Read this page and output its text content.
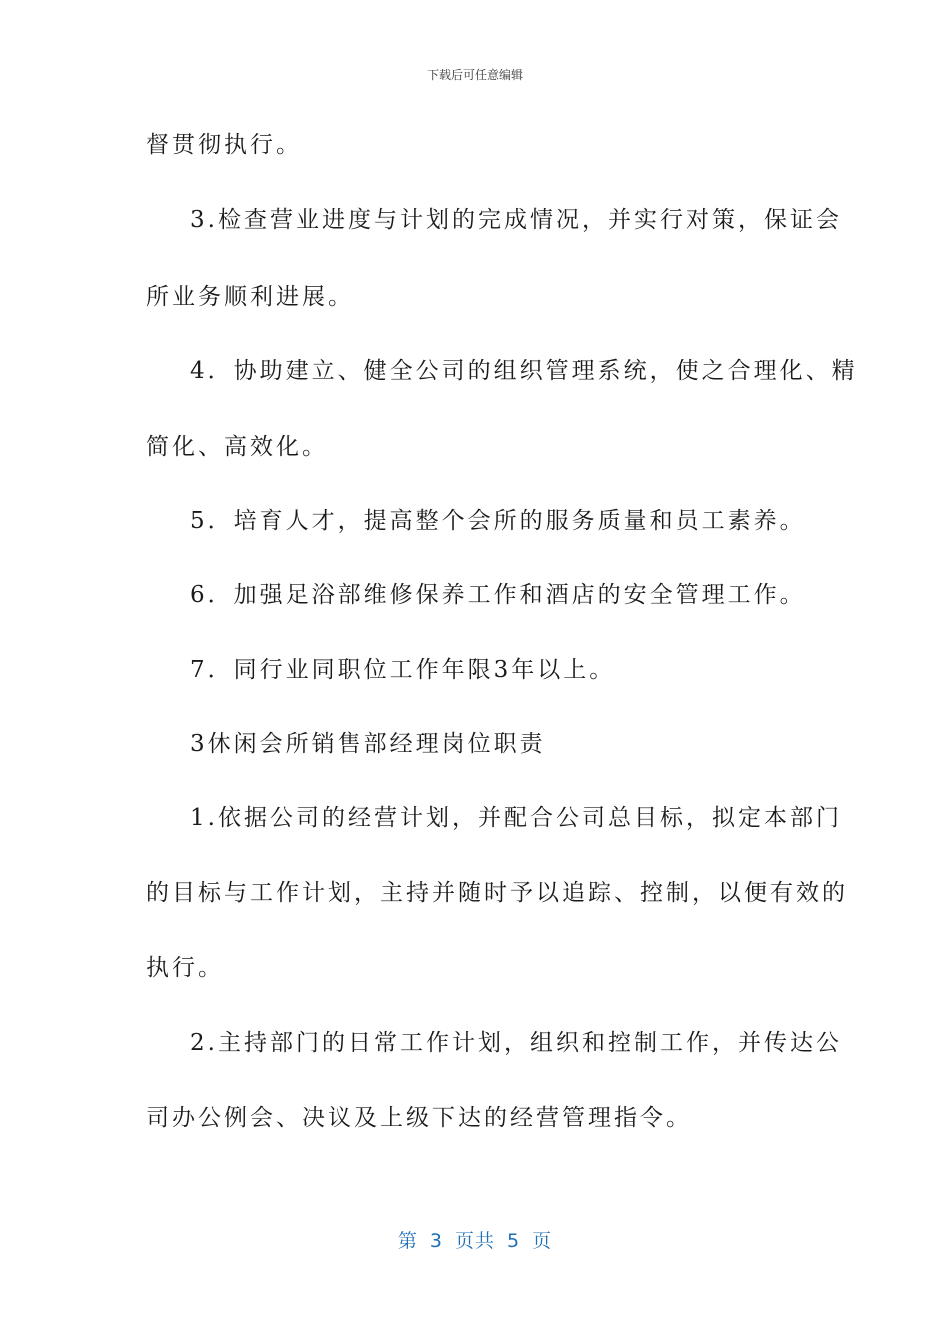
下载后可任意编辑
督贯彻执行。
3.检查营业进度与计划的完成情况，并实行对策，保证会
所业务顺利进展。
4．协助建立、健全公司的组织管理系统，使之合理化、精
简化、高效化。
5．培育人才，提高整个会所的服务质量和员工素养。
6．加强足浴部维修保养工作和酒店的安全管理工作。
7．同行业同职位工作年限3年以上。
3休闲会所销售部经理岗位职责
1.依据公司的经营计划，并配合公司总目标，拟定本部门
的目标与工作计划，主持并随时予以追踪、控制，以便有效的
执行。
2.主持部门的日常工作计划，组织和控制工作，并传达公
司办公例会、决议及上级下达的经营管理指令。
第 3 页共 5 页
